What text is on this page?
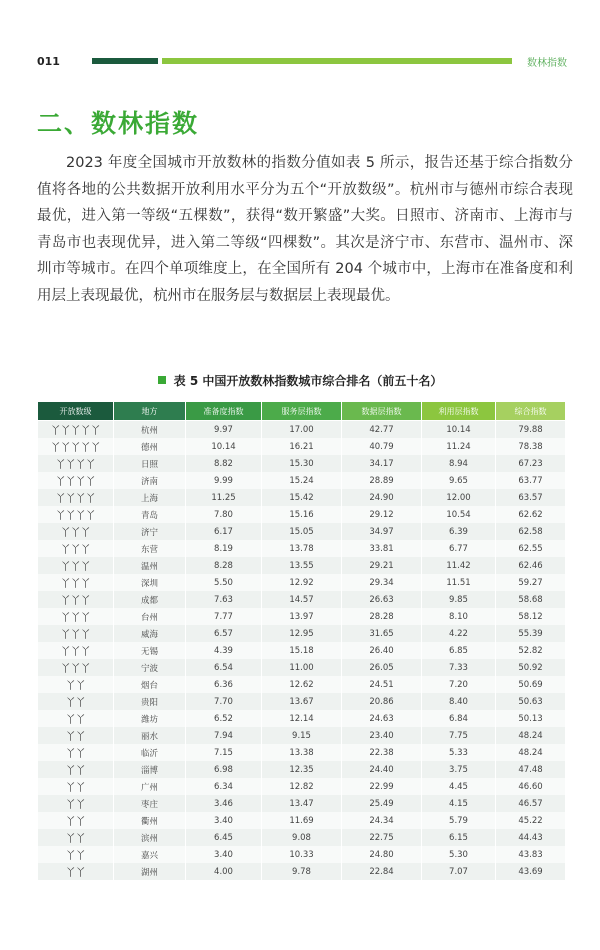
011	数林指数
二、数林指数

2023 年度全国城市开放数林的指数分值如表 5 所示，报告还基于综合指数分值将各地的公共数据开放利用水平分为五个“开放数级”。杭州市与德州市综合表现最优，进入第一等级“五棵数”，获得“数开繁盛”大奖。日照市、济南市、上海市与青岛市也表现优异，进入第二等级“四棵数”。其次是济宁市、东营市、温州市、深圳市等城市。在四个单项维度上，在全国所有 204 个城市中，上海市在准备度和利用层上表现最优，杭州市在服务层与数据层上表现最优。

表 5 中国开放数林指数城市综合排名（前五十名）
开放数级	地方	准备度指数	服务层指数	数据层指数	利用层指数	综合指数
丫丫丫丫丫	杭州	9.97	17.00	42.77	10.14	79.88
丫丫丫丫丫	德州	10.14	16.21	40.79	11.24	78.38
丫丫丫丫	日照	8.82	15.30	34.17	8.94	67.23
丫丫丫丫	济南	9.99	15.24	28.89	9.65	63.77
丫丫丫丫	上海	11.25	15.42	24.90	12.00	63.57
丫丫丫丫	青岛	7.80	15.16	29.12	10.54	62.62
丫丫丫	济宁	6.17	15.05	34.97	6.39	62.58
丫丫丫	东营	8.19	13.78	33.81	6.77	62.55
丫丫丫	温州	8.28	13.55	29.21	11.42	62.46
丫丫丫	深圳	5.50	12.92	29.34	11.51	59.27
丫丫丫	成都	7.63	14.57	26.63	9.85	58.68
丫丫丫	台州	7.77	13.97	28.28	8.10	58.12
丫丫丫	威海	6.57	12.95	31.65	4.22	55.39
丫丫丫	无锡	4.39	15.18	26.40	6.85	52.82
丫丫丫	宁波	6.54	11.00	26.05	7.33	50.92
丫丫	烟台	6.36	12.62	24.51	7.20	50.69
丫丫	贵阳	7.70	13.67	20.86	8.40	50.63
丫丫	潍坊	6.52	12.14	24.63	6.84	50.13
丫丫	丽水	7.94	9.15	23.40	7.75	48.24
丫丫	临沂	7.15	13.38	22.38	5.33	48.24
丫丫	淄博	6.98	12.35	24.40	3.75	47.48
丫丫	广州	6.34	12.82	22.99	4.45	46.60
丫丫	枣庄	3.46	13.47	25.49	4.15	46.57
丫丫	衢州	3.40	11.69	24.34	5.79	45.22
丫丫	滨州	6.45	9.08	22.75	6.15	44.43
丫丫	嘉兴	3.40	10.33	24.80	5.30	43.83
丫丫	湖州	4.00	9.78	22.84	7.07	43.69
